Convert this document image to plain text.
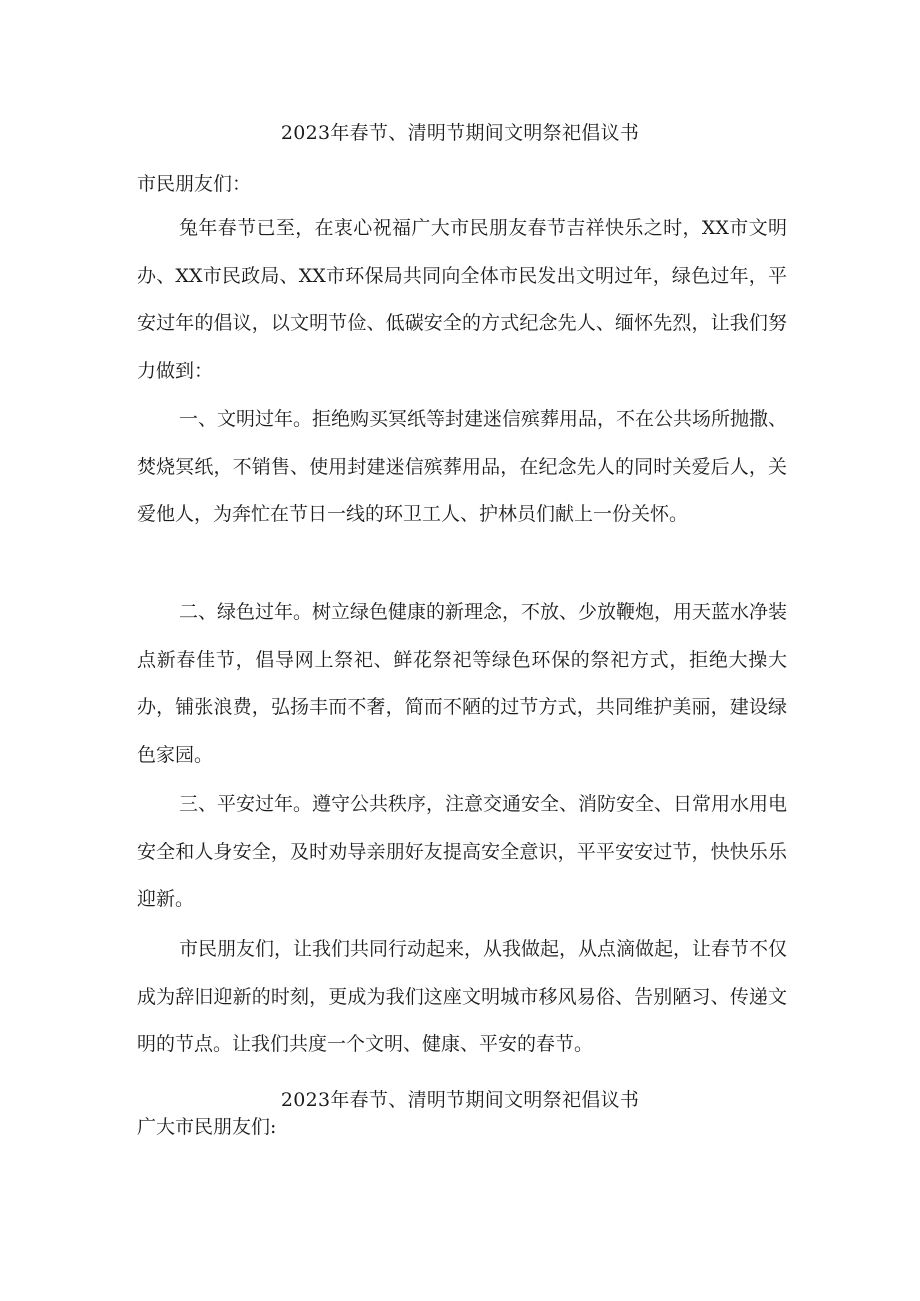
2023年春节、清明节期间文明祭祀倡议书
市民朋友们：

兔年春节已至，在衷心祝福广大市民朋友春节吉祥快乐之时，XX市文明办、XX市民政局、XX市环保局共同向全体市民发出文明过年，绿色过年，平安过年的倡议，以文明节俭、低碳安全的方式纪念先人、缅怀先烈，让我们努力做到：

一、文明过年。拒绝购买冥纸等封建迷信殡葬用品，不在公共场所抛撒、焚烧冥纸，不销售、使用封建迷信殡葬用品，在纪念先人的同时关爱后人，关爱他人，为奔忙在节日一线的环卫工人、护林员们献上一份关怀。

二、绿色过年。树立绿色健康的新理念，不放、少放鞭炮，用天蓝水净装点新春佳节，倡导网上祭祀、鲜花祭祀等绿色环保的祭祀方式，拒绝大操大办，铺张浪费，弘扬丰而不奢，简而不陋的过节方式，共同维护美丽，建设绿色家园。

三、平安过年。遵守公共秩序，注意交通安全、消防安全、日常用水用电安全和人身安全，及时劝导亲朋好友提高安全意识，平平安安过节，快快乐乐迎新。

市民朋友们，让我们共同行动起来，从我做起，从点滴做起，让春节不仅成为辞旧迎新的时刻，更成为我们这座文明城市移风易俗、告别陋习、传递文明的节点。让我们共度一个文明、健康、平安的春节。

2023年春节、清明节期间文明祭祀倡议书
广大市民朋友们:
